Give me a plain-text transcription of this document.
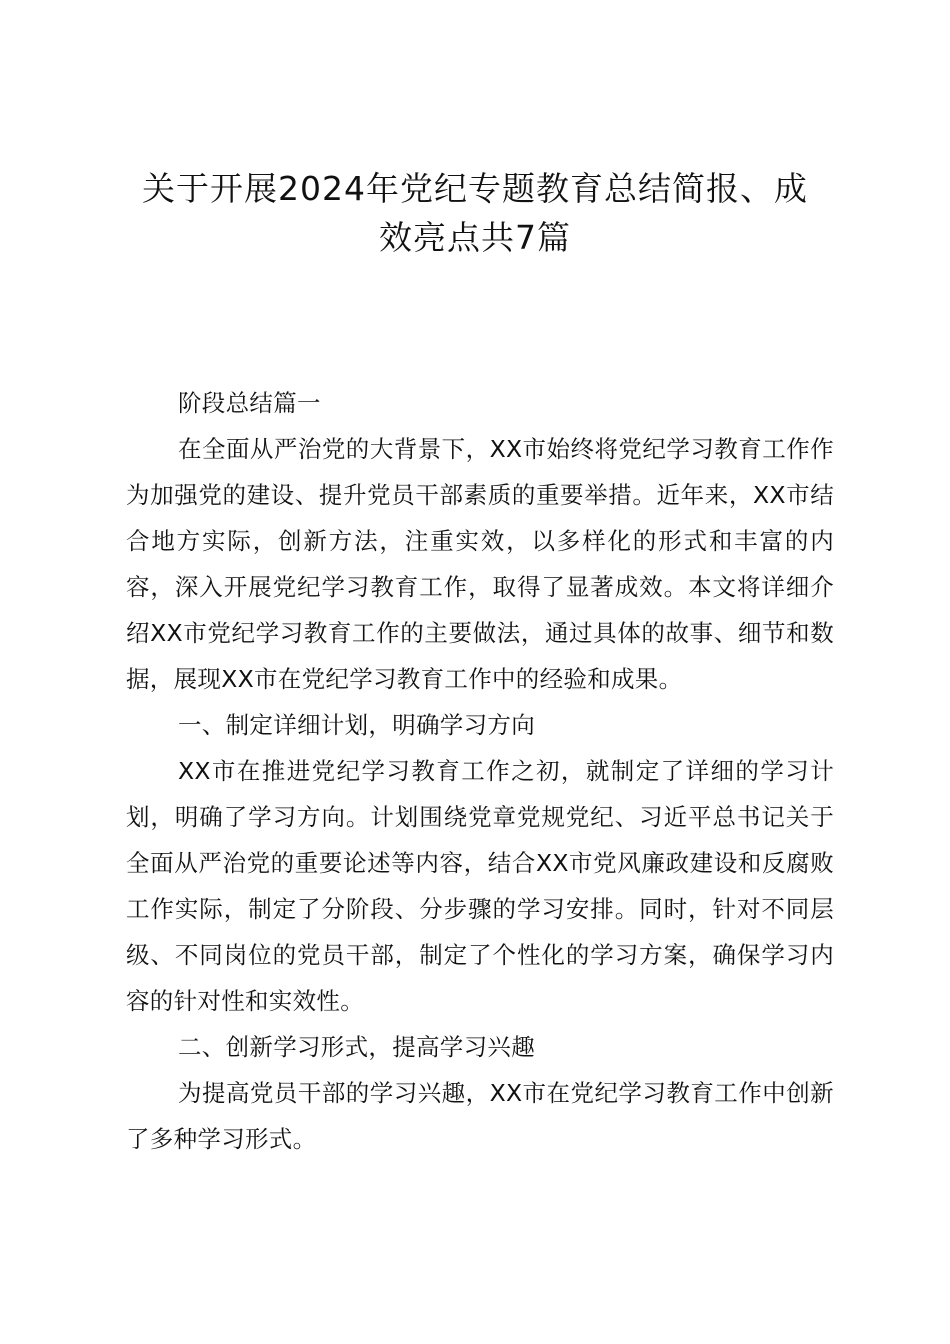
关于开展2024年党纪专题教育总结简报、成
效亮点共7篇

阶段总结篇一

在全面从严治党的大背景下，XX市始终将党纪学习教育工作作为加强党的建设、提升党员干部素质的重要举措。近年来，XX市结合地方实际，创新方法，注重实效，以多样化的形式和丰富的内容，深入开展党纪学习教育工作，取得了显著成效。本文将详细介绍XX市党纪学习教育工作的主要做法，通过具体的故事、细节和数据，展现XX市在党纪学习教育工作中的经验和成果。

一、制定详细计划，明确学习方向

XX市在推进党纪学习教育工作之初，就制定了详细的学习计划，明确了学习方向。计划围绕党章党规党纪、习近平总书记关于全面从严治党的重要论述等内容，结合XX市党风廉政建设和反腐败工作实际，制定了分阶段、分步骤的学习安排。同时，针对不同层级、不同岗位的党员干部，制定了个性化的学习方案，确保学习内容的针对性和实效性。

二、创新学习形式，提高学习兴趣

为提高党员干部的学习兴趣，XX市在党纪学习教育工作中创新了多种学习形式。
